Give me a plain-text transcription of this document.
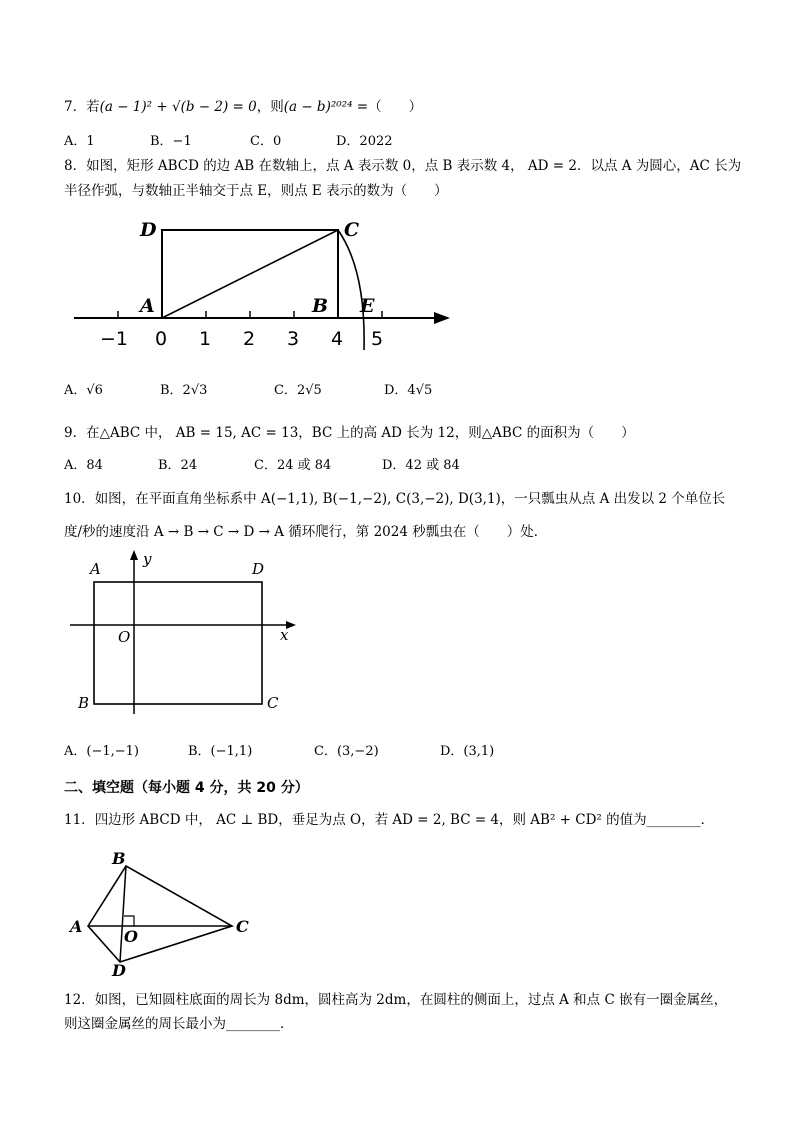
7．若(a − 1)² + √(b − 2) = 0，则(a − b)²⁰²⁴ =（　　）
A．1	B．−1	C．0	D．2022
8．如图，矩形 ABCD 的边 AB 在数轴上，点 A 表示数 0，点 B 表示数 4， AD = 2．以点 A 为圆心，AC 长为
半径作弧，与数轴正半轴交于点 E，则点 E 表示的数为（　　）
D	C
A	B E
−1 0 1 2 3 4 5
A．√6	B．2√3	C．2√5	D．4√5
9．在△ABC 中， AB = 15, AC = 13，BC 上的高 AD 长为 12，则△ABC 的面积为（　　）
A．84	B．24	C．24 或 84	D．42 或 84
10．如图，在平面直角坐标系中 A(−1,1), B(−1,−2), C(3,−2), D(3,1)，一只瓢虫从点 A 出发以 2 个单位长
度/秒的速度沿 A → B → C → D → A 循环爬行，第 2024 秒瓢虫在（　　）处．
A	D
B	C
O	x
y
A．(−1,−1)	B．(−1,1)	C．(3,−2)	D．(3,1)
二、填空题（每小题 4 分，共 20 分）
11．四边形 ABCD 中， AC ⊥ BD，垂足为点 O，若 AD = 2, BC = 4，则 AB² + CD² 的值为________．
B
A
O
C
D
12．如图，已知圆柱底面的周长为 8dm，圆柱高为 2dm，在圆柱的侧面上，过点 A 和点 C 嵌有一圈金属丝，
则这圈金属丝的周长最小为________．
